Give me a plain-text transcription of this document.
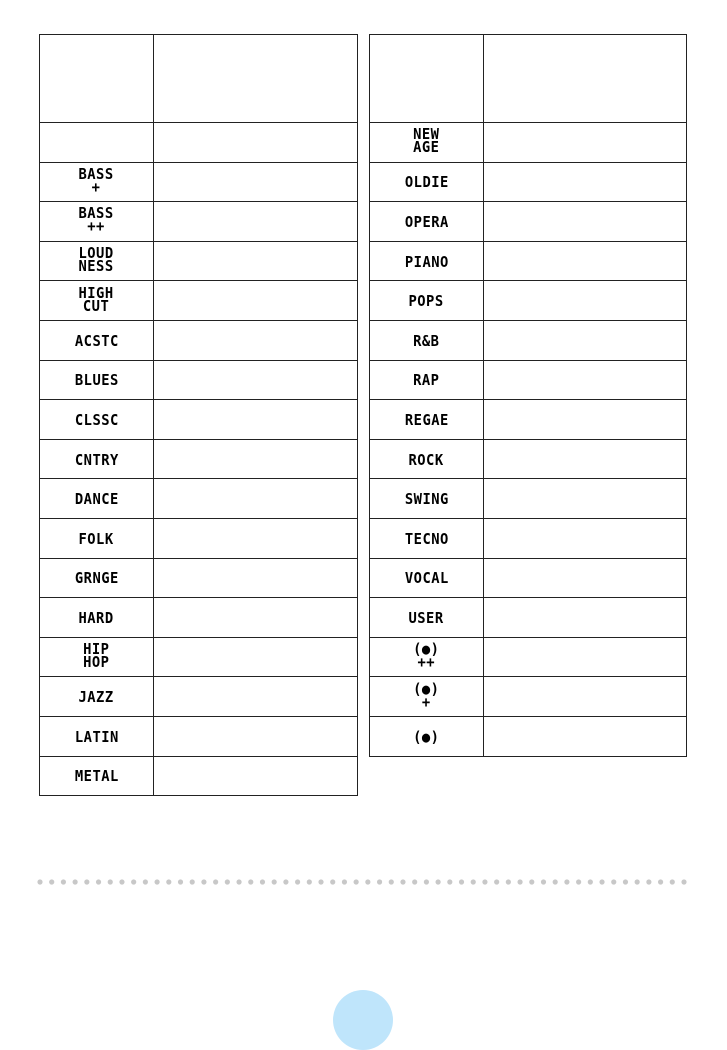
BASS
+	

BASS
++	

LOUD
NESS	

HIGH
CUT	

ACSTC	

BLUES	

CLSSC	

CNTRY	

DANCE	

FOLK	

GRNGE	

HARD	

HIP
HOP	

JAZZ	

LATIN	

METAL	

NEW
AGE	

OLDIE	

OPERA	

PIANO	

POPS	

R&B	

RAP	

REGAE	

ROCK	

SWING	

TECNO	

VOCAL	

USER	

(●)
++	

(●)
+	

(●)	
